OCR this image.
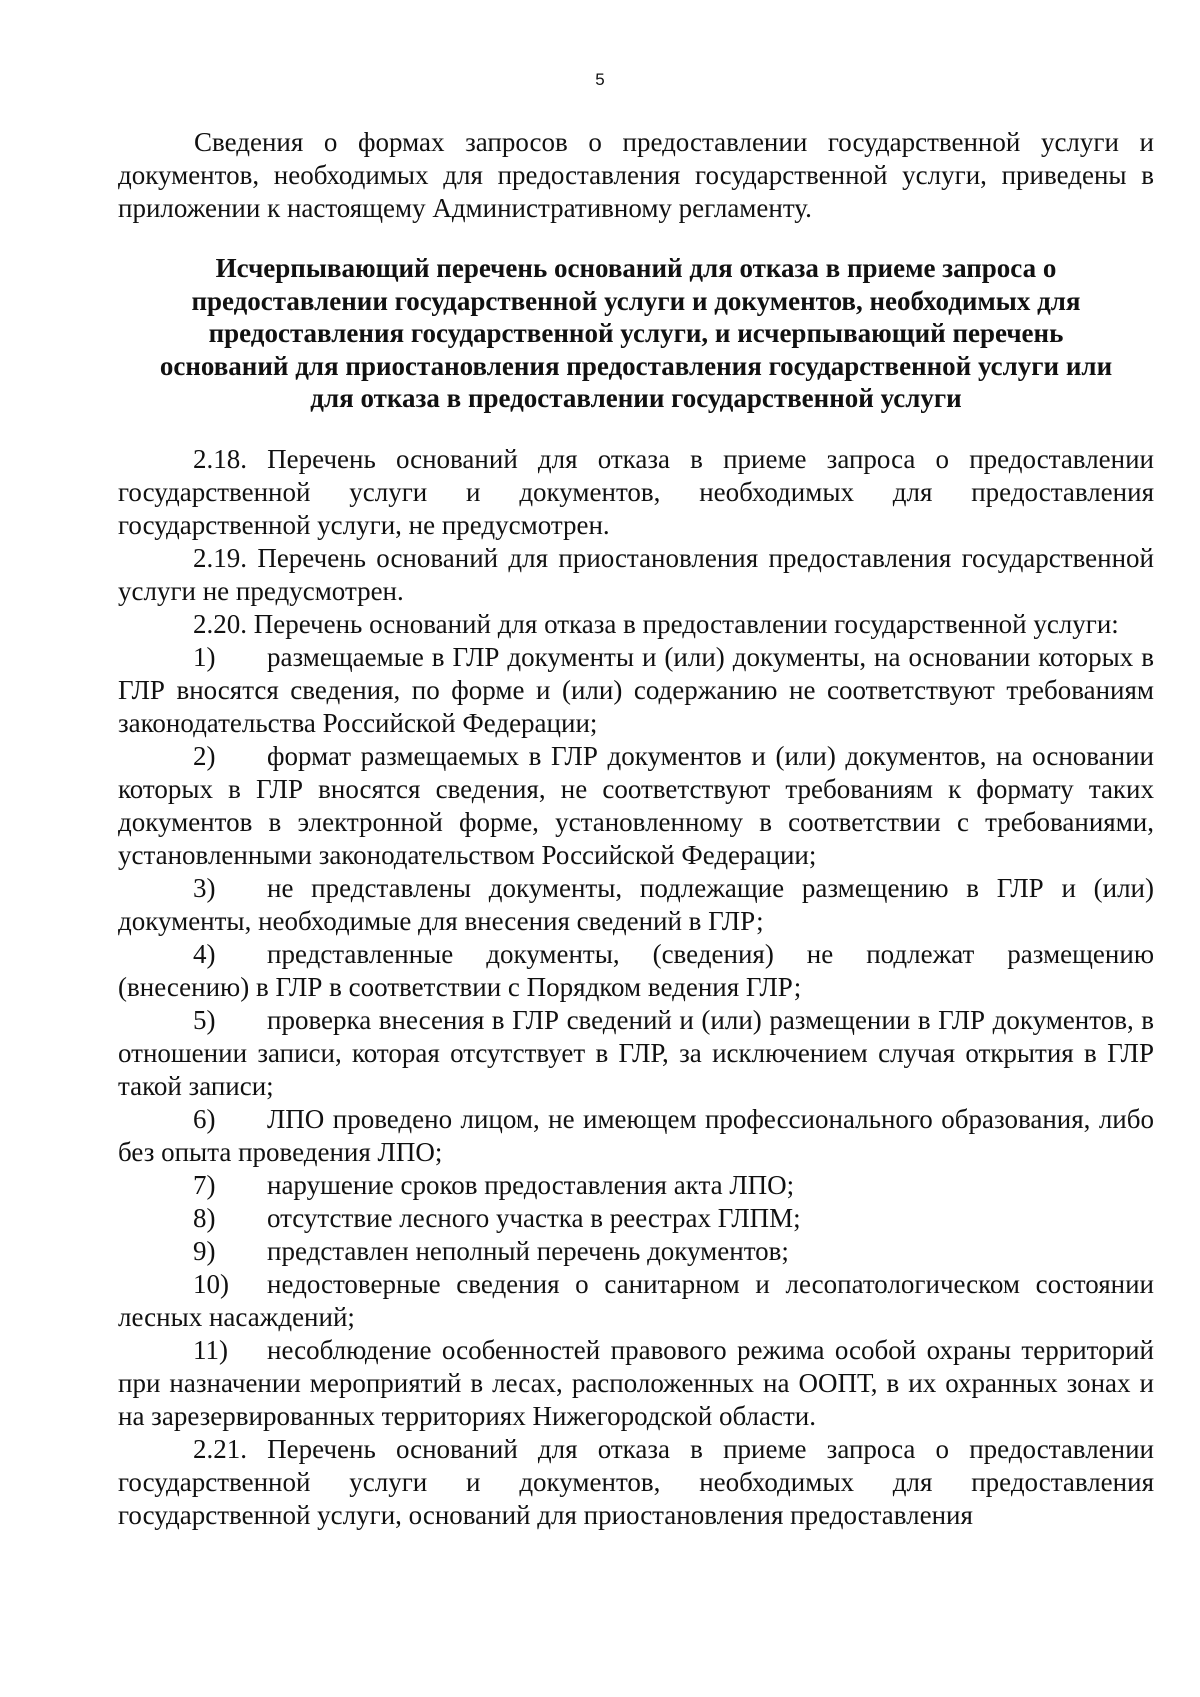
5

Сведения о формах запросов о предоставлении государственной услуги и документов, необходимых для предоставления государственной услуги, приведены в приложении к настоящему Административному регламенту.

Исчерпывающий перечень оснований для отказа в приеме запроса о предоставлении государственной услуги и документов, необходимых для предоставления государственной услуги, и исчерпывающий перечень оснований для приостановления предоставления государственной услуги или для отказа в предоставлении государственной услуги

2.18. Перечень оснований для отказа в приеме запроса о предоставлении государственной услуги и документов, необходимых для предоставления государственной услуги, не предусмотрен.

2.19. Перечень оснований для приостановления предоставления государственной услуги не предусмотрен.

2.20. Перечень оснований для отказа в предоставлении государственной услуги:

1) размещаемые в ГЛР документы и (или) документы, на основании которых в ГЛР вносятся сведения, по форме и (или) содержанию не соответствуют требованиям законодательства Российской Федерации;

2) формат размещаемых в ГЛР документов и (или) документов, на основании которых в ГЛР вносятся сведения, не соответствуют требованиям к формату таких документов в электронной форме, установленному в соответствии с требованиями, установленными законодательством Российской Федерации;

3) не представлены документы, подлежащие размещению в ГЛР и (или) документы, необходимые для внесения сведений в ГЛР;

4) представленные документы, (сведения) не подлежат размещению (внесению) в ГЛР в соответствии с Порядком ведения ГЛР;

5) проверка внесения в ГЛР сведений и (или) размещении в ГЛР документов, в отношении записи, которая отсутствует в ГЛР, за исключением случая открытия в ГЛР такой записи;

6) ЛПО проведено лицом, не имеющем профессионального образования, либо без опыта проведения ЛПО;

7) нарушение сроков предоставления акта ЛПО;

8) отсутствие лесного участка в реестрах ГЛПМ;

9) представлен неполный перечень документов;

10) недостоверные сведения о санитарном и лесопатологическом состоянии лесных насаждений;

11) несоблюдение особенностей правового режима особой охраны территорий при назначении мероприятий в лесах, расположенных на ООПТ, в их охранных зонах и на зарезервированных территориях Нижегородской области.

2.21. Перечень оснований для отказа в приеме запроса о предоставлении государственной услуги и документов, необходимых для предоставления государственной услуги, оснований для приостановления предоставления
